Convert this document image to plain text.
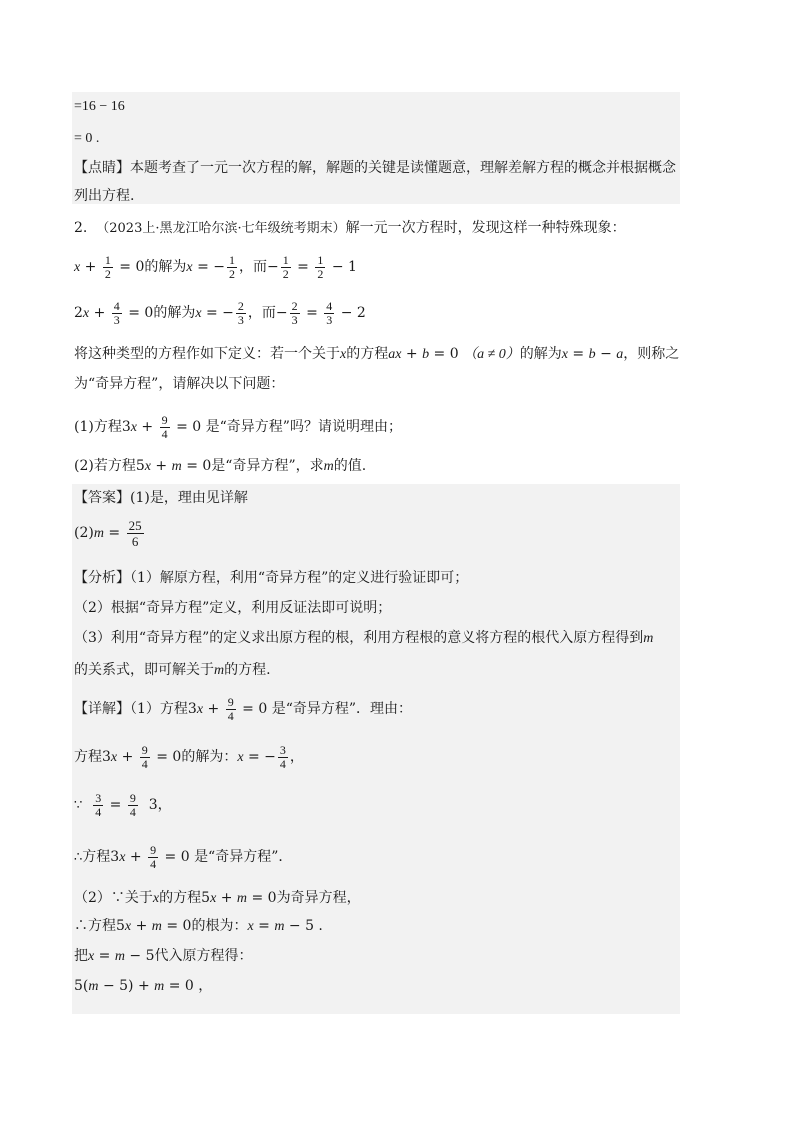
=16 − 16
= 0 .
【点睛】本题考查了一元一次方程的解，解题的关键是读懂题意，理解差解方程的概念并根据概念
列出方程.
2. （2023上·黑龙江哈尔滨·七年级统考期末）解一元一次方程时，发现这样一种特殊现象：
$x + \frac{1}{2} = 0$的解为x = − $\frac{1}{2}$ ，而− $\frac{1}{2} = \frac{1}{2} - 1$
$2x + \frac{4}{3} = 0$的解为x = − $\frac{2}{3}$ ，而− $\frac{2}{3} = \frac{4}{3} - 2$
将这种类型的方程作如下定义：若一个关于x的方程ax + b = 0 （a ≠ 0）的解为x = b − a，则称之
为“奇异方程”，请解决以下问题：
(1)方程$3x + \frac{9}{4} = 0$ 是“奇异方程”吗？请说明理由；
(2)若方程5x + m = 0是“奇异方程”，求m的值.
【答案】(1)是，理由见详解
$(2)m = \frac{25}{6}$
【分析】（1）解原方程，利用“奇异方程”的定义进行验证即可；
（2）根据“奇异方程”定义，利用反证法即可说明；
（3）利用“奇异方程”的定义求出原方程的根，利用方程根的意义将方程的根代入原方程得到m
的关系式，即可解关于m的方程.
【详解】（1）方程$3x + \frac{9}{4} = 0$ 是“奇异方程”．理由：
方程$3x + \frac{9}{4} = 0$的解为：x = − $\frac{3}{4}$ ，
∵ $\frac{3}{4} = \frac{9}{4} 3$，
∴方程$3x + \frac{9}{4} = 0$ 是“奇异方程”．
（2）∵关于x的方程5x + m = 0为奇异方程，
∴方程5x + m = 0的根为：x = m − 5 .
把x = m − 5代入原方程得：
5(m − 5) + m = 0 ，
